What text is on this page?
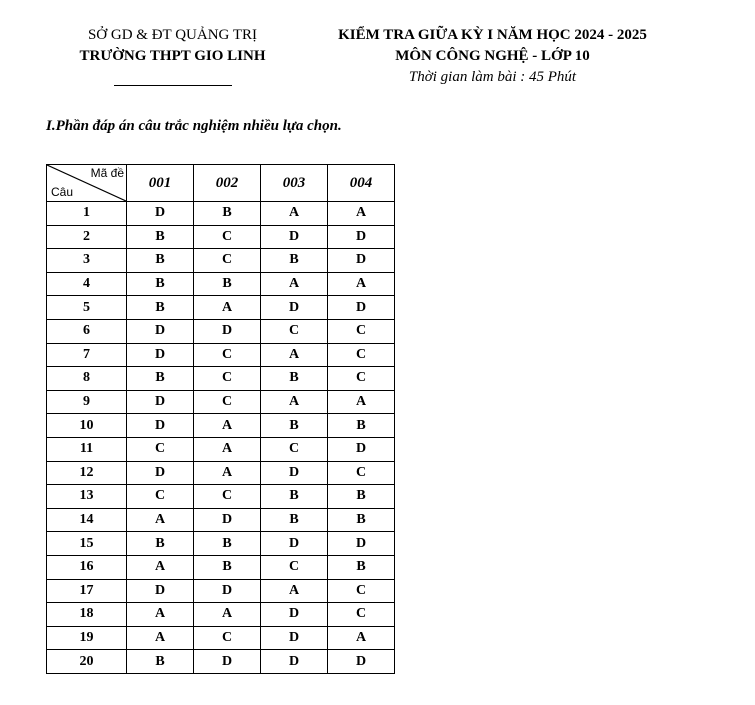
SỞ GD & ĐT QUẢNG TRỊ
TRƯỜNG THPT GIO LINH
KIỂM TRA GIỮA KỲ I NĂM HỌC 2024 - 2025
MÔN CÔNG NGHỆ - LỚP 10
Thời gian làm bài : 45 Phút
I.Phần đáp án câu trắc nghiệm nhiều lựa chọn.
Mã đề
Câu	001	002	003	004
1	D	B	A	A
2	B	C	D	D
3	B	C	B	D
4	B	B	A	A
5	B	A	D	D
6	D	D	C	C
7	D	C	A	C
8	B	C	B	C
9	D	C	A	A
10	D	A	B	B
11	C	A	C	D
12	D	A	D	C
13	C	C	B	B
14	A	D	B	B
15	B	B	D	D
16	A	B	C	B
17	D	D	A	C
18	A	A	D	C
19	A	C	D	A
20	B	D	D	D
